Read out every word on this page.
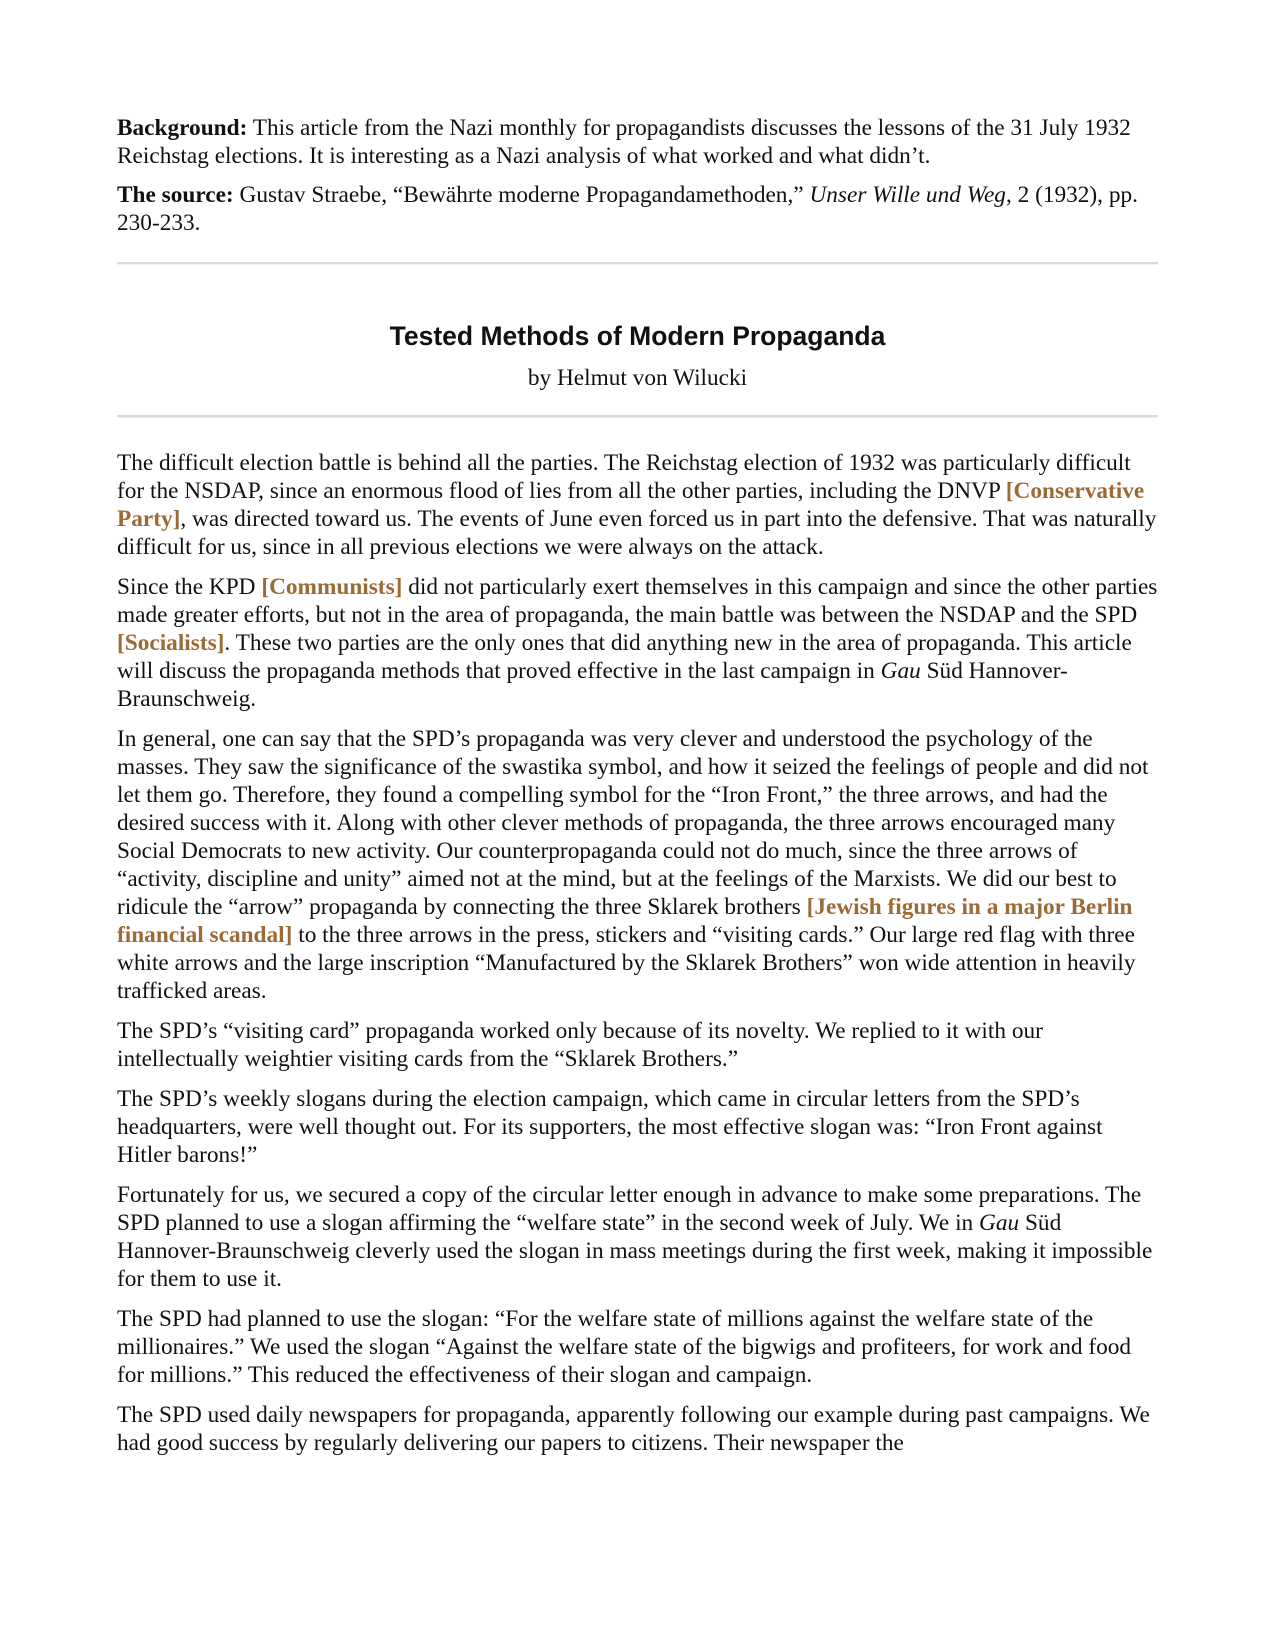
Background: This article from the Nazi monthly for propagandists discusses the lessons of the 31 July 1932 Reichstag elections. It is interesting as a Nazi analysis of what worked and what didn’t.

The source: Gustav Straebe, “Bewährte moderne Propagandamethoden,” Unser Wille und Weg, 2 (1932), pp. 230-233.

Tested Methods of Modern Propaganda

by Helmut von Wilucki

The difficult election battle is behind all the parties. The Reichstag election of 1932 was particularly difficult for the NSDAP, since an enormous flood of lies from all the other parties, including the DNVP [Conservative Party], was directed toward us. The events of June even forced us in part into the defensive. That was naturally difficult for us, since in all previous elections we were always on the attack.

Since the KPD [Communists] did not particularly exert themselves in this campaign and since the other parties made greater efforts, but not in the area of propaganda, the main battle was between the NSDAP and the SPD [Socialists]. These two parties are the only ones that did anything new in the area of propaganda. This article will discuss the propaganda methods that proved effective in the last campaign in Gau Süd Hannover-Braunschweig.

In general, one can say that the SPD’s propaganda was very clever and understood the psychology of the masses. They saw the significance of the swastika symbol, and how it seized the feelings of people and did not let them go. Therefore, they found a compelling symbol for the “Iron Front,” the three arrows, and had the desired success with it. Along with other clever methods of propaganda, the three arrows encouraged many Social Democrats to new activity. Our counterpropaganda could not do much, since the three arrows of “activity, discipline and unity” aimed not at the mind, but at the feelings of the Marxists. We did our best to ridicule the “arrow” propaganda by connecting the three Sklarek brothers [Jewish figures in a major Berlin financial scandal] to the three arrows in the press, stickers and “visiting cards.” Our large red flag with three white arrows and the large inscription “Manufactured by the Sklarek Brothers” won wide attention in heavily trafficked areas.

The SPD’s “visiting card” propaganda worked only because of its novelty. We replied to it with our intellectually weightier visiting cards from the “Sklarek Brothers.”

The SPD’s weekly slogans during the election campaign, which came in circular letters from the SPD’s headquarters, were well thought out. For its supporters, the most effective slogan was: “Iron Front against Hitler barons!”

Fortunately for us, we secured a copy of the circular letter enough in advance to make some preparations. The SPD planned to use a slogan affirming the “welfare state” in the second week of July. We in Gau Süd Hannover-Braunschweig cleverly used the slogan in mass meetings during the first week, making it impossible for them to use it.

The SPD had planned to use the slogan: “For the welfare state of millions against the welfare state of the millionaires.” We used the slogan “Against the welfare state of the bigwigs and profiteers, for work and food for millions.” This reduced the effectiveness of their slogan and campaign.

The SPD used daily newspapers for propaganda, apparently following our example during past campaigns. We had good success by regularly delivering our papers to citizens. Their newspaper the
